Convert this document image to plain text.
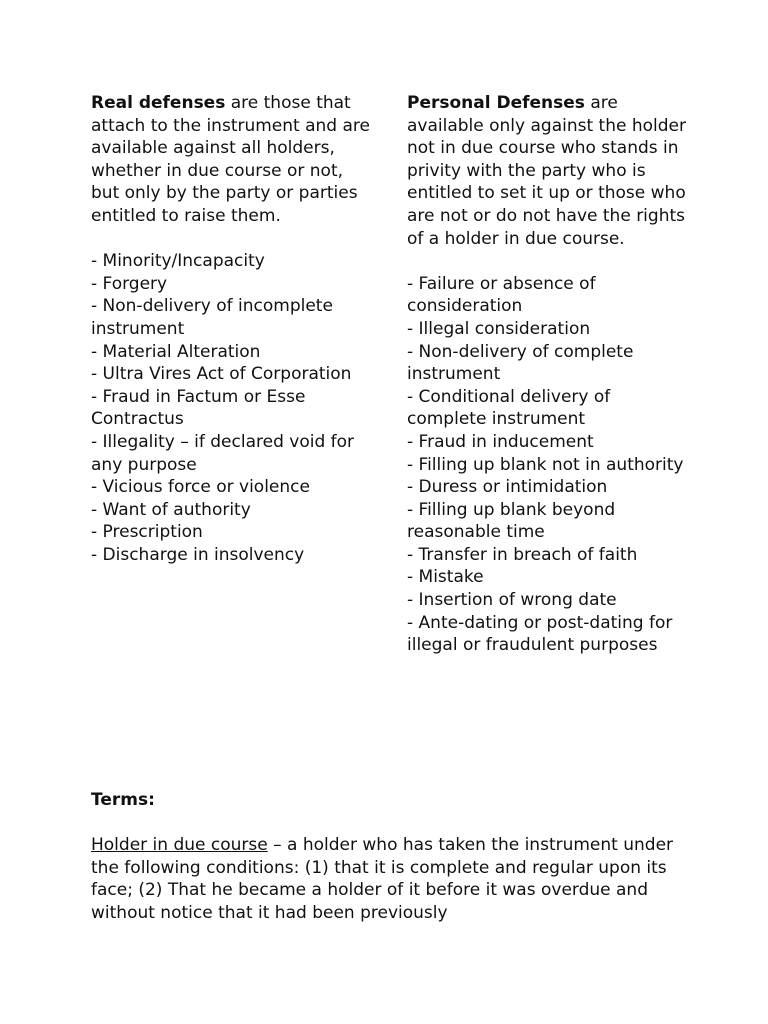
Real defenses are those that attach to the instrument and are available against all holders, whether in due course or not, but only by the party or parties entitled to raise them.

- Minority/Incapacity
- Forgery
- Non-delivery of incomplete instrument
- Material Alteration
- Ultra Vires Act of Corporation
- Fraud in Factum or Esse Contractus
- Illegality – if declared void for any purpose
- Vicious force or violence
- Want of authority
- Prescription
- Discharge in insolvency

Personal Defenses are available only against the holder not in due course who stands in privity with the party who is entitled to set it up or those who are not or do not have the rights of a holder in due course.

- Failure or absence of consideration
- Illegal consideration
- Non-delivery of complete instrument
- Conditional delivery of complete instrument
- Fraud in inducement
- Filling up blank not in authority
- Duress or intimidation
- Filling up blank beyond reasonable time
- Transfer in breach of faith
- Mistake
- Insertion of wrong date
- Ante-dating or post-dating for illegal or fraudulent purposes

Terms:

Holder in due course – a holder who has taken the instrument under the following conditions: (1) that it is complete and regular upon its face; (2) That he became a holder of it before it was overdue and without notice that it had been previously
